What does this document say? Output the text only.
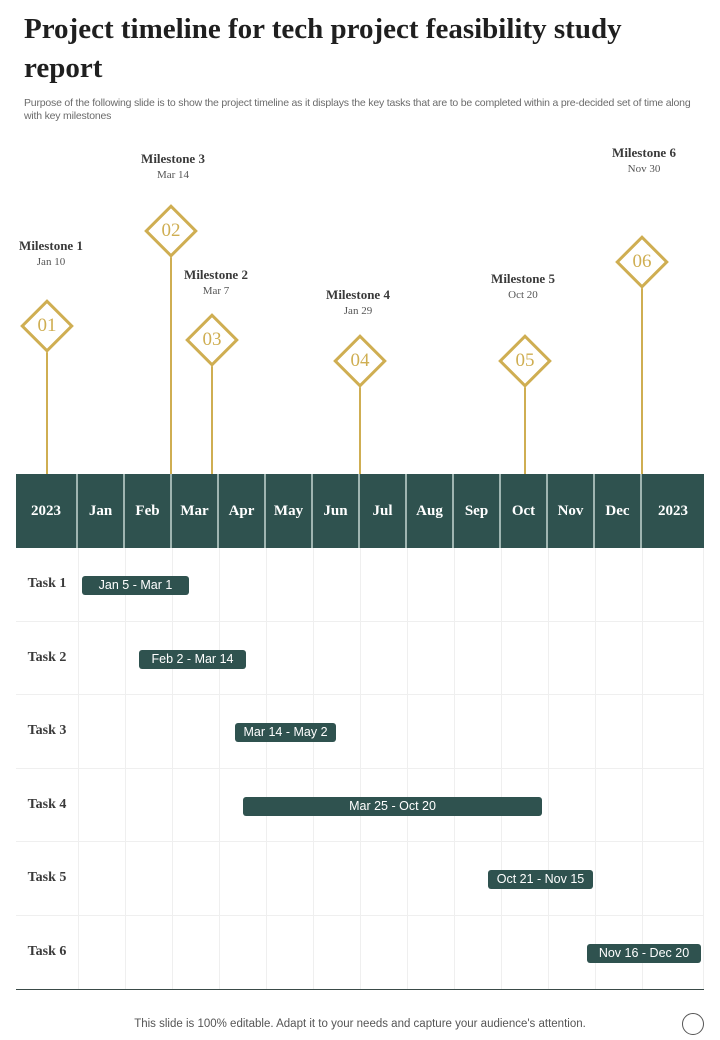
Project timeline for tech project feasibility study report
Purpose of the following slide is to show the project timeline as it displays the key tasks that are to be completed within a pre-decided set of time along with key milestones
Milestone 1
Jan 10
01
Milestone 3
Mar 14
02
Milestone 2
Mar 7
03
Milestone 4
Jan 29
04
Milestone 5
Oct 20
05
Milestone 6
Nov 30
06
2023	Jan	Feb	Mar	Apr	May	Jun	Jul	Aug	Sep	Oct	Nov	Dec	2023
Task 1	Jan 5 - Mar 1
Task 2	Feb 2 - Mar 14
Task 3	Mar 14 - May 2
Task 4	Mar 25 - Oct 20
Task 5	Oct 21 - Nov 15
Task 6	Nov 16 - Dec 20
This slide is 100% editable. Adapt it to your needs and capture your audience's attention.
